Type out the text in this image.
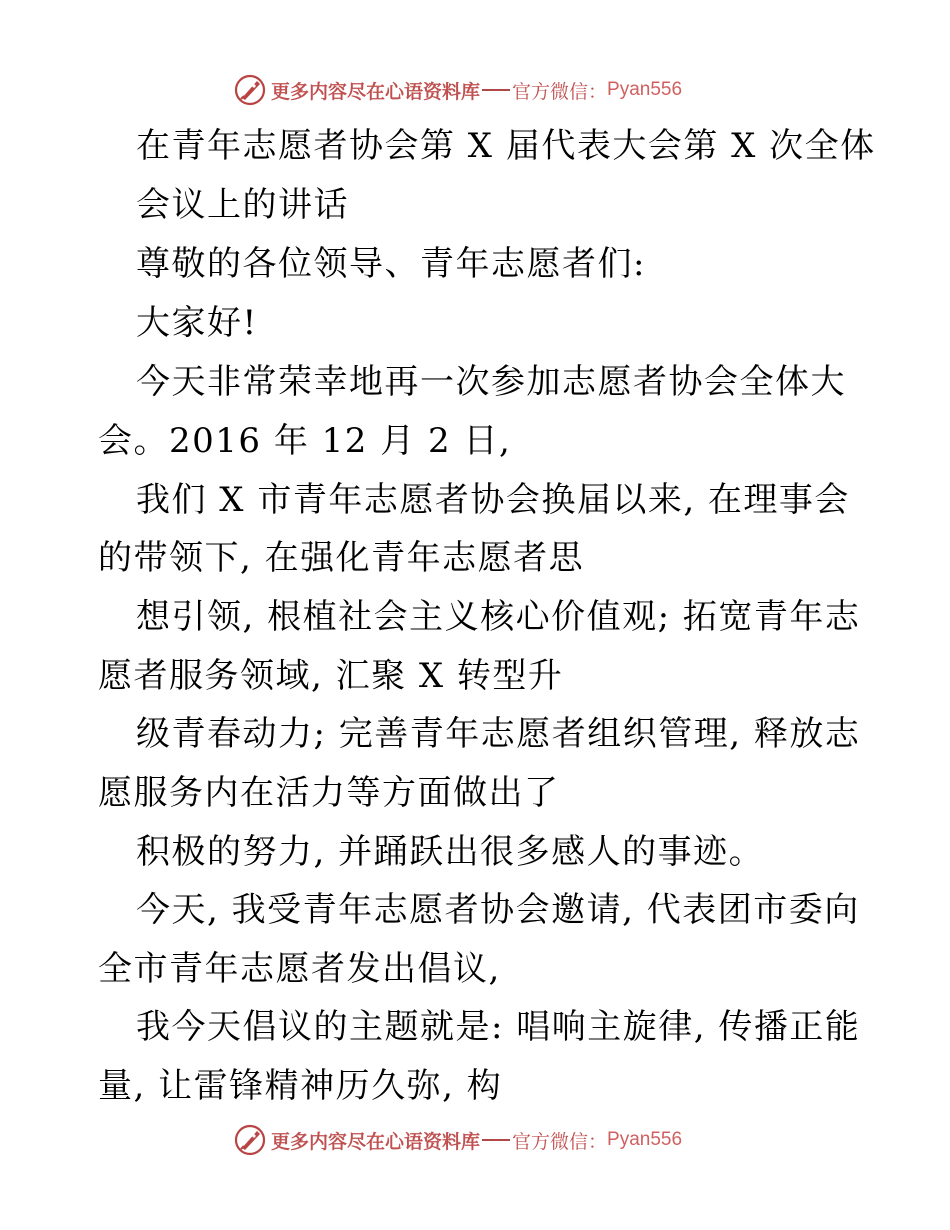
更多内容尽在心语资料库 官方微信： Pyan556
在青年志愿者协会第 X 届代表大会第 X 次全体
会议上的讲话
尊敬的各位领导、青年志愿者们:
大家好!
今天非常荣幸地再一次参加志愿者协会全体大
会。2016 年 12 月 2 日,
我们 X 市青年志愿者协会换届以来, 在理事会
的带领下, 在强化青年志愿者思
想引领, 根植社会主义核心价值观; 拓宽青年志
愿者服务领域, 汇聚 X 转型升
级青春动力; 完善青年志愿者组织管理, 释放志
愿服务内在活力等方面做出了
积极的努力, 并踊跃出很多感人的事迹。
今天, 我受青年志愿者协会邀请, 代表团市委向
全市青年志愿者发出倡议,
我今天倡议的主题就是: 唱响主旋律, 传播正能
量, 让雷锋精神历久弥, 构
更多内容尽在心语资料库 官方微信： Pyan556
